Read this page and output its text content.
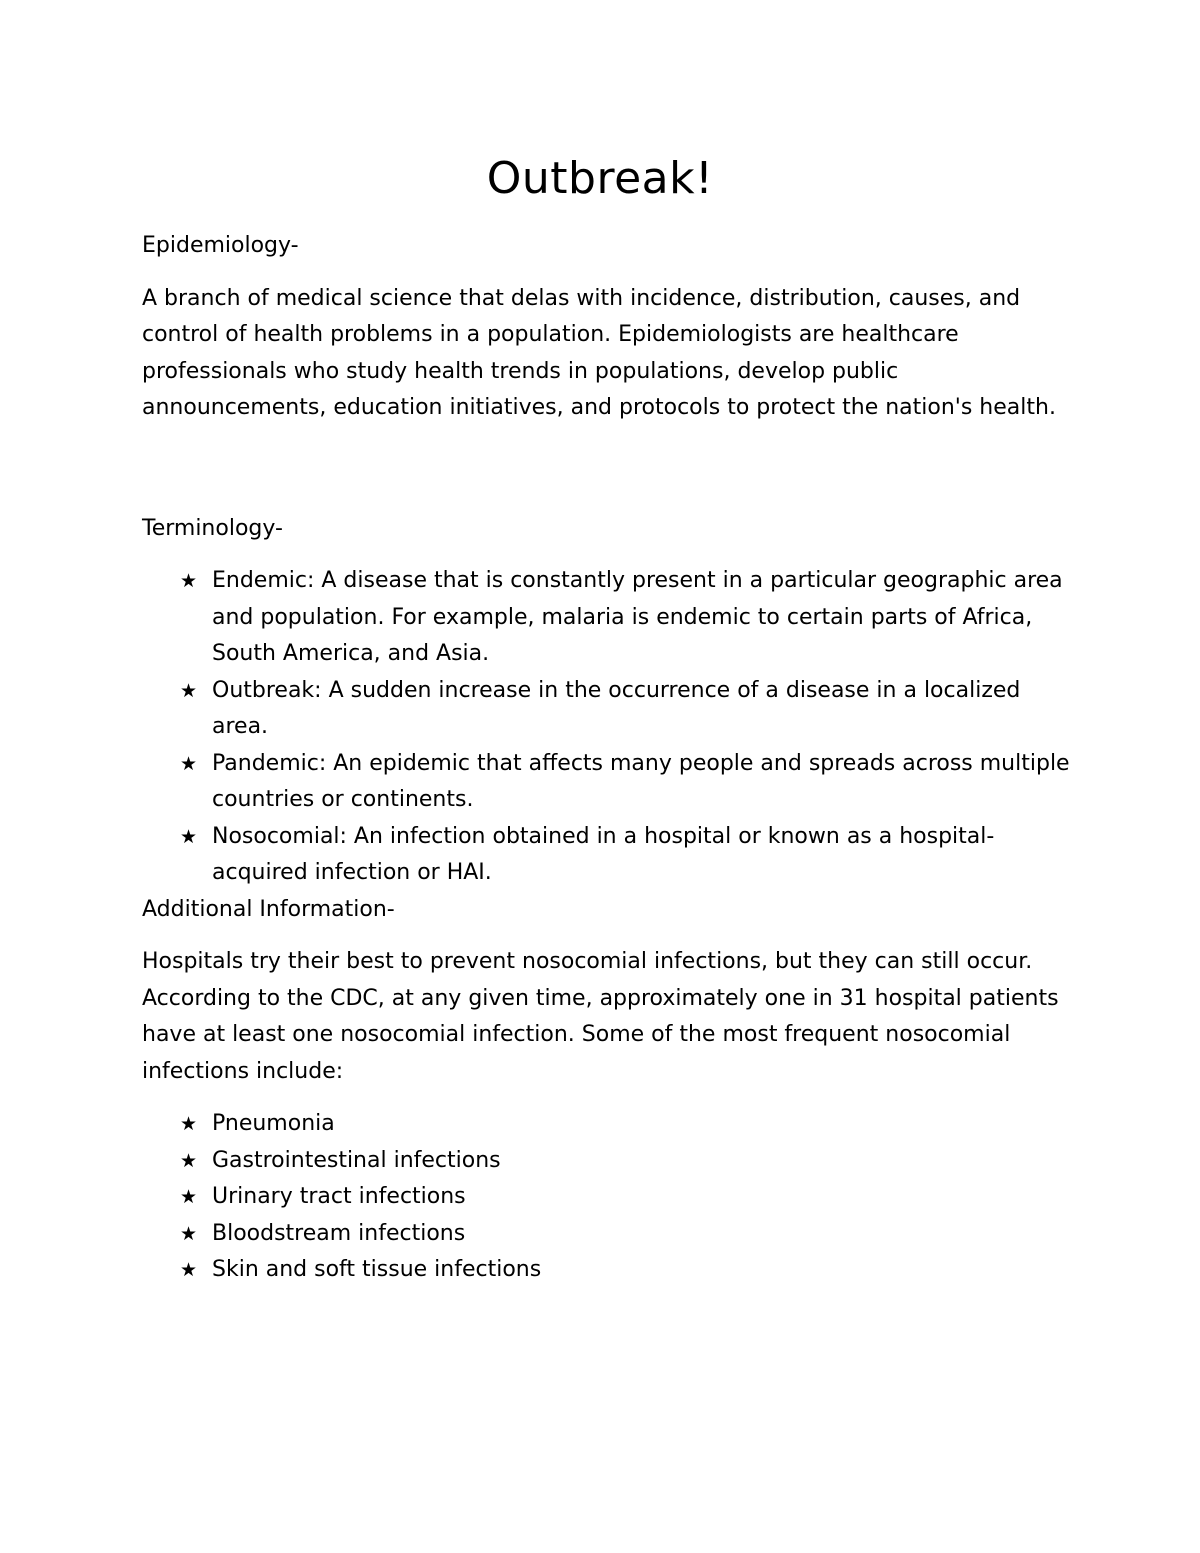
Outbreak!
Epidemiology-

A branch of medical science that delas with incidence, distribution, causes, and control of health problems in a population. Epidemiologists are healthcare professionals who study health trends in populations, develop public announcements, education initiatives, and protocols to protect the nation's health.

Terminology-
★ Endemic: A disease that is constantly present in a particular geographic area and population. For example, malaria is endemic to certain parts of Africa, South America, and Asia.
★ Outbreak: A sudden increase in the occurrence of a disease in a localized area.
★ Pandemic: An epidemic that affects many people and spreads across multiple countries or continents.
★ Nosocomial: An infection obtained in a hospital or known as a hospital-acquired infection or HAI.
Additional Information-

Hospitals try their best to prevent nosocomial infections, but they can still occur. According to the CDC, at any given time, approximately one in 31 hospital patients have at least one nosocomial infection. Some of the most frequent nosocomial infections include:

★ Pneumonia
★ Gastrointestinal infections
★ Urinary tract infections
★ Bloodstream infections
★ Skin and soft tissue infections
